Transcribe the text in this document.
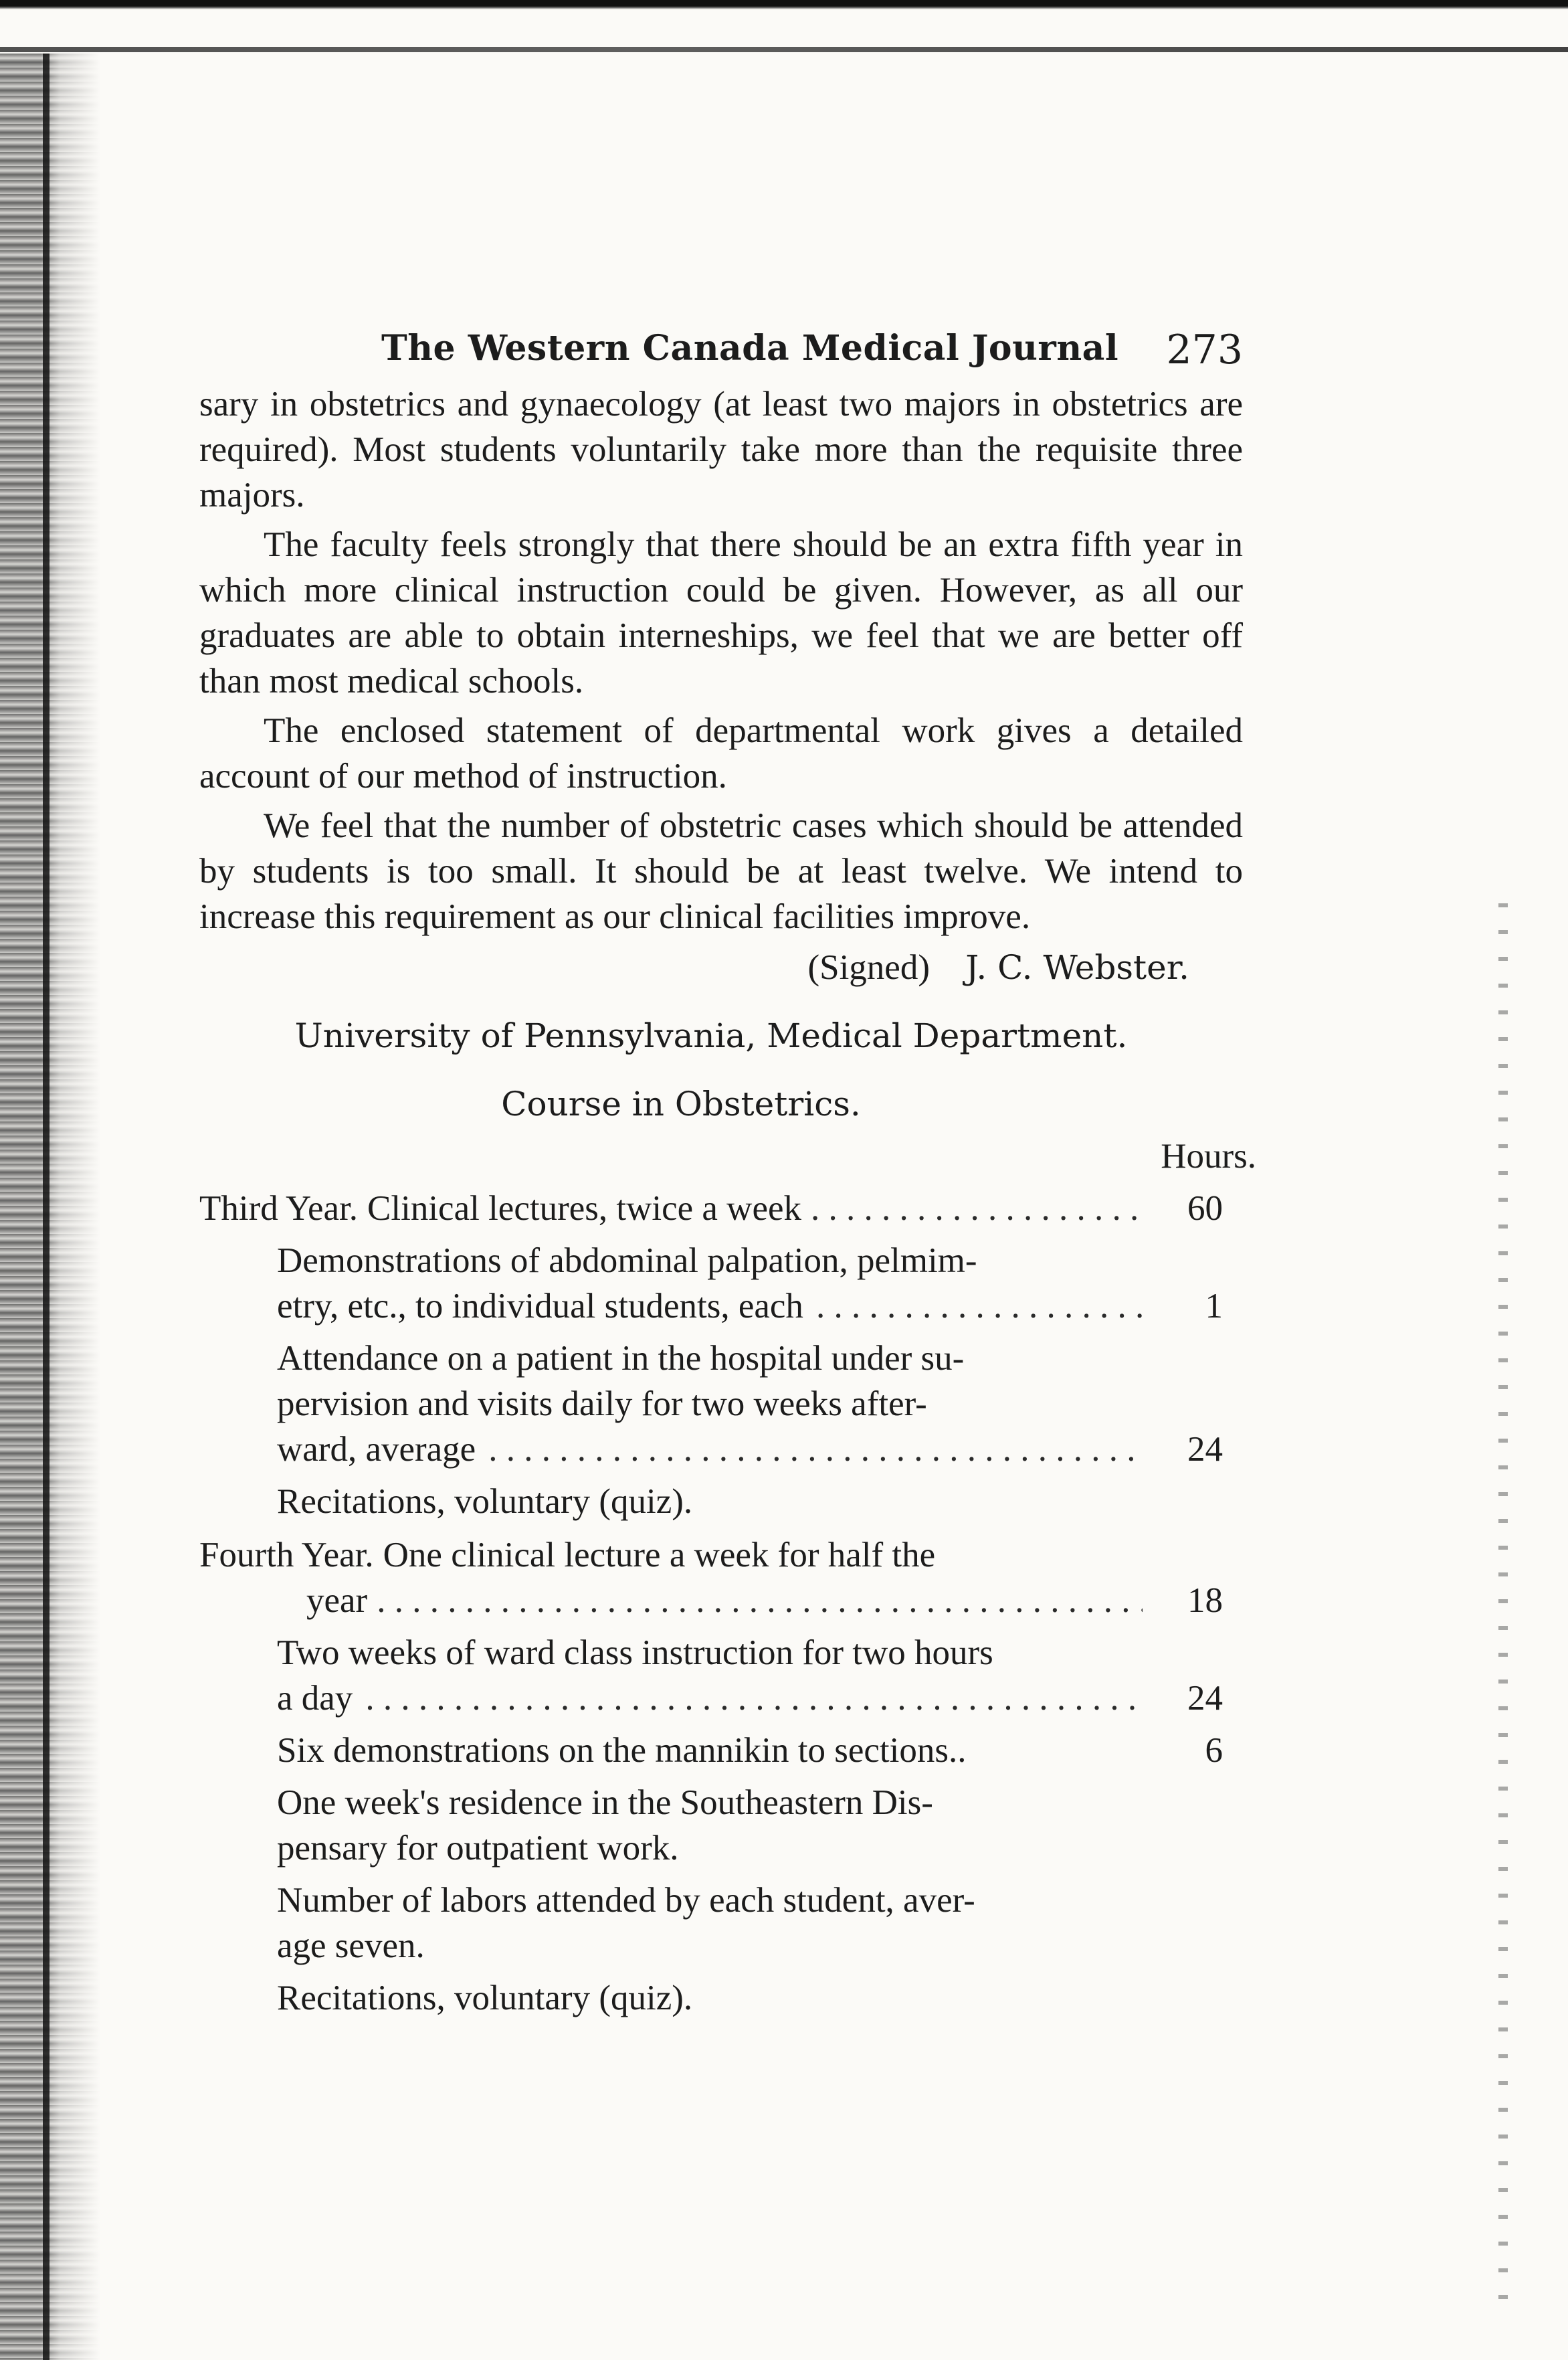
The Western Canada Medical Journal 273

sary in obstetrics and gynaecology (at least two majors in obstetrics are required). Most students voluntarily take more than the requisite three majors.

The faculty feels strongly that there should be an extra fifth year in which more clinical instruction could be given. However, as all our graduates are able to obtain interneships, we feel that we are better off than most medical schools.

The enclosed statement of departmental work gives a detailed account of our method of instruction.

We feel that the number of obstetric cases which should be attended by students is too small. It should be at least twelve. We intend to increase this requirement as our clinical facilities improve.

(Signed) J. C. Webster.
University of Pennsylvania, Medical Department.
Course in Obstetrics.
Hours.
Third Year. Clinical lectures, twice a week . . .	60
Demonstrations of abdominal palpation, pelmim-
etry, etc., to individual students, each . . .	1
Attendance on a patient in the hospital under su-
pervision and visits daily for two weeks after-
ward, average . . .	24
Recitations, voluntary (quiz).
Fourth Year. One clinical lecture a week for half the
year . . .	18
Two weeks of ward class instruction for two hours
a day . . .	24
Six demonstrations on the mannikin to sections..	6
One week's residence in the Southeastern Dis-
pensary for outpatient work.
Number of labors attended by each student, aver-
age seven.
Recitations, voluntary (quiz).
